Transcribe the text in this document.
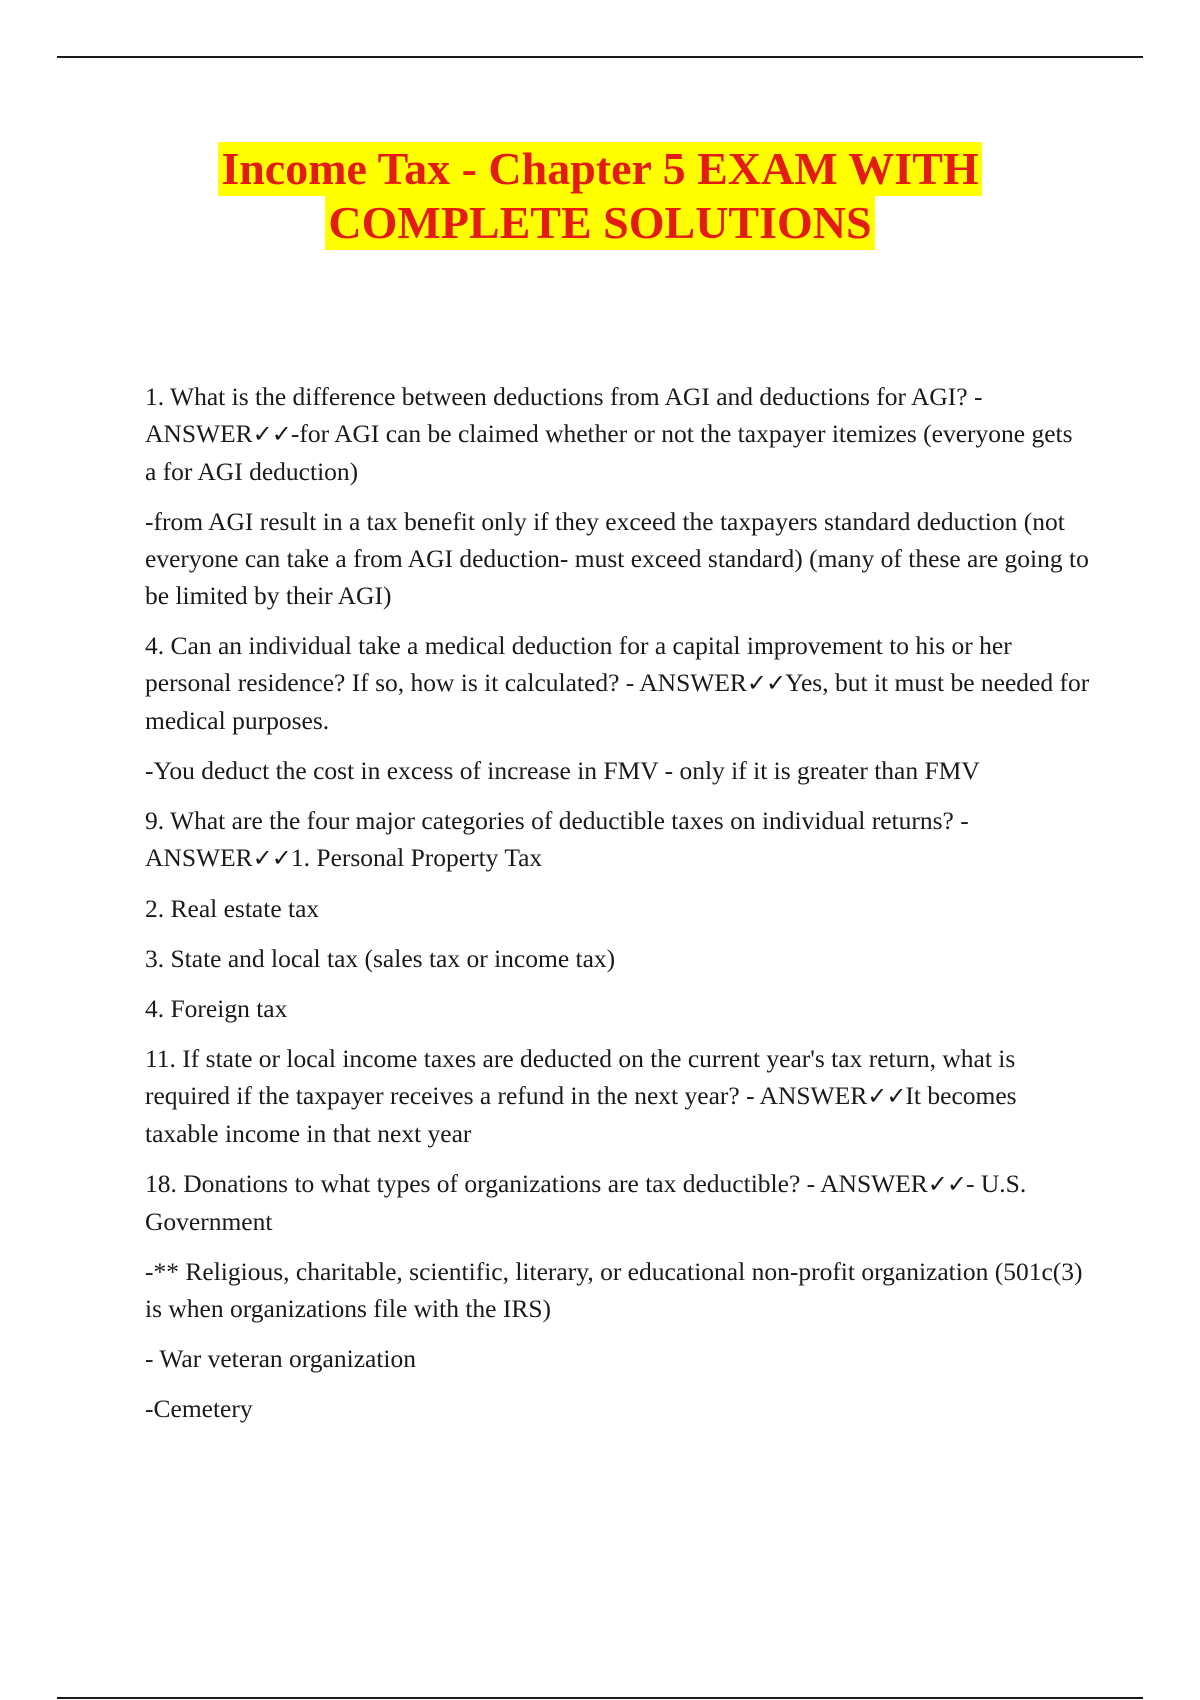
Income Tax - Chapter 5 EXAM WITH
COMPLETE SOLUTIONS

1. What is the difference between deductions from AGI and deductions for AGI? - ANSWER✓✓-for AGI can be claimed whether or not the taxpayer itemizes (everyone gets a for AGI deduction)

-from AGI result in a tax benefit only if they exceed the taxpayers standard deduction (not everyone can take a from AGI deduction- must exceed standard) (many of these are going to be limited by their AGI)

4. Can an individual take a medical deduction for a capital improvement to his or her personal residence? If so, how is it calculated? - ANSWER✓✓Yes, but it must be needed for medical purposes.

-You deduct the cost in excess of increase in FMV - only if it is greater than FMV

9. What are the four major categories of deductible taxes on individual returns? - ANSWER✓✓1. Personal Property Tax

2. Real estate tax

3. State and local tax (sales tax or income tax)

4. Foreign tax

11. If state or local income taxes are deducted on the current year's tax return, what is required if the taxpayer receives a refund in the next year? - ANSWER✓✓It becomes taxable income in that next year

18. Donations to what types of organizations are tax deductible? - ANSWER✓✓- U.S. Government

-** Religious, charitable, scientific, literary, or educational non-profit organization (501c(3) is when organizations file with the IRS)

- War veteran organization

-Cemetery
